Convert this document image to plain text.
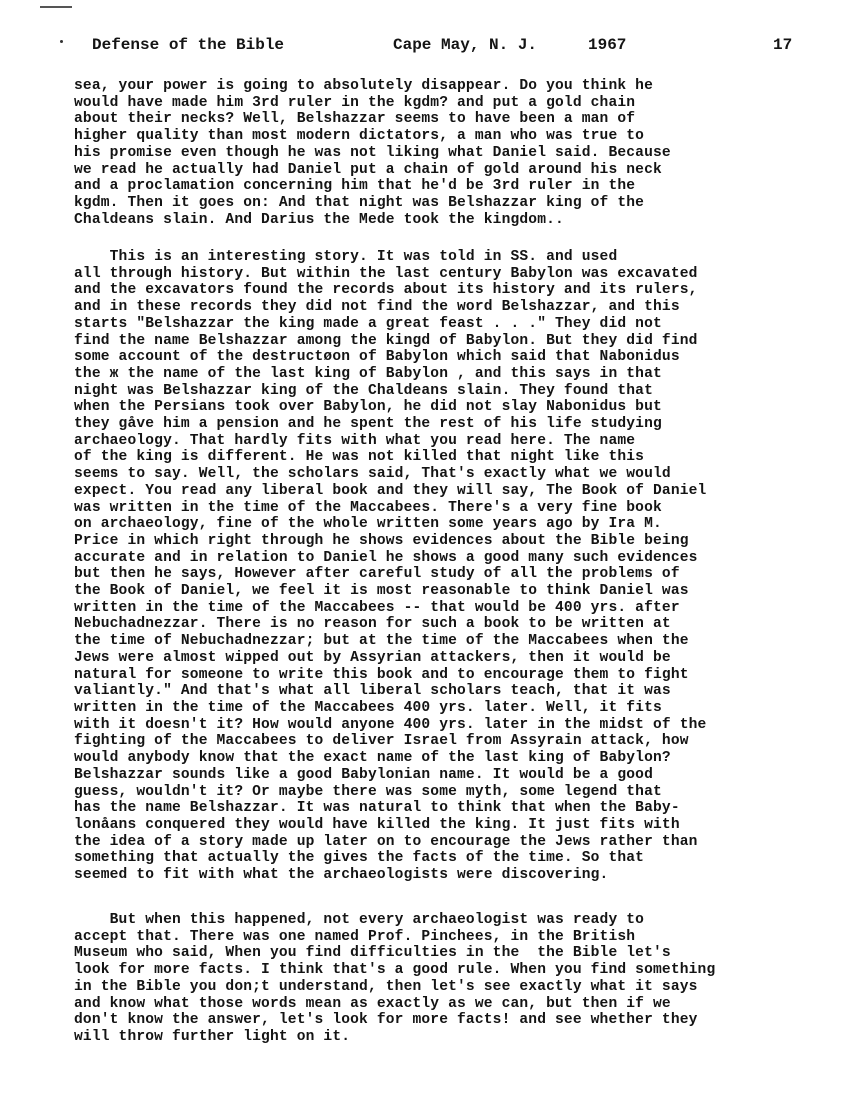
Defense of the Bible	Cape May, N. J.	1967	17
sea, your power is going to absolutely disappear. Do you think he
would have made him 3rd ruler in the kgdm? and put a gold chain
about their necks? Well, Belshazzar seems to have been a man of
higher quality than most modern dictators, a man who was true to
his promise even though he was not liking what Daniel said. Because
we read he actually had Daniel put a chain of gold around his neck
and a proclamation concerning him that he'd be 3rd ruler in the
kgdm. Then it goes on: And that night was Belshazzar king of the
Chaldeans slain. And Darius the Mede took the kingdom..
This is an interesting story. It was told in SS. and used
all through history. But within the last century Babylon was excavated
and the excavators found the records about its history and its rulers,
and in these records they did not find the word Belshazzar, and this
starts "Belshazzar the king made a great feast . . ." They did not
find the name Belshazzar among the kingd of Babylon. But they did find
some account of the destructøon of Babylon which said that Nabonidus
the ж the name of the last king of Babylon , and this says in that
night was Belshazzar king of the Chaldeans slain. They found that
when the Persians took over Babylon, he did not slay Nabonidus but
they gåve him a pension and he spent the rest of his life studying
archaeology. That hardly fits with what you read here. The name
of the king is different. He was not killed that night like this
seems to say. Well, the scholars said, That's exactly what we would
expect. You read any liberal book and they will say, The Book of Daniel
was written in the time of the Maccabees. There's a very fine book
on archaeology, fine of the whole written some years ago by Ira M.
Price in which right through he shows evidences about the Bible being
accurate and in relation to Daniel he shows a good many such evidences
but then he says, However after careful study of all the problems of
the Book of Daniel, we feel it is most reasonable to think Daniel was
written in the time of the Maccabees -- that would be 400 yrs. after
Nebuchadnezzar. There is no reason for such a book to be written at
the time of Nebuchadnezzar; but at the time of the Maccabees when the
Jews were almost wipped out by Assyrian attackers, then it would be
natural for someone to write this book and to encourage them to fight
valiantly." And that's what all liberal scholars teach, that it was
written in the time of the Maccabees 400 yrs. later. Well, it fits
with it doesn't it? How would anyone 400 yrs. later in the midst of the
fighting of the Maccabees to deliver Israel from Assyrain attack, how
would anybody know that the exact name of the last king of Babylon?
Belshazzar sounds like a good Babylonian name. It would be a good
guess, wouldn't it? Or maybe there was some myth, some legend that
has the name Belshazzar. It was natural to think that when the Baby-
lonåans conquered they would have killed the king. It just fits with
the idea of a story made up later on to encourage the Jews rather than
something that actually the gives the facts of the time. So that
seemed to fit with what the archaeologists were discovering.
But when this happened, not every archaeologist was ready to
accept that. There was one named Prof. Pinchees, in the British
Museum who said, When you find difficulties in the  the Bible let's
look for more facts. I think that's a good rule. When you find something
in the Bible you don;t understand, then let's see exactly what it says
and know what those words mean as exactly as we can, but then if we
don't know the answer, let's look for more facts! and see whether they
will throw further light on it.
